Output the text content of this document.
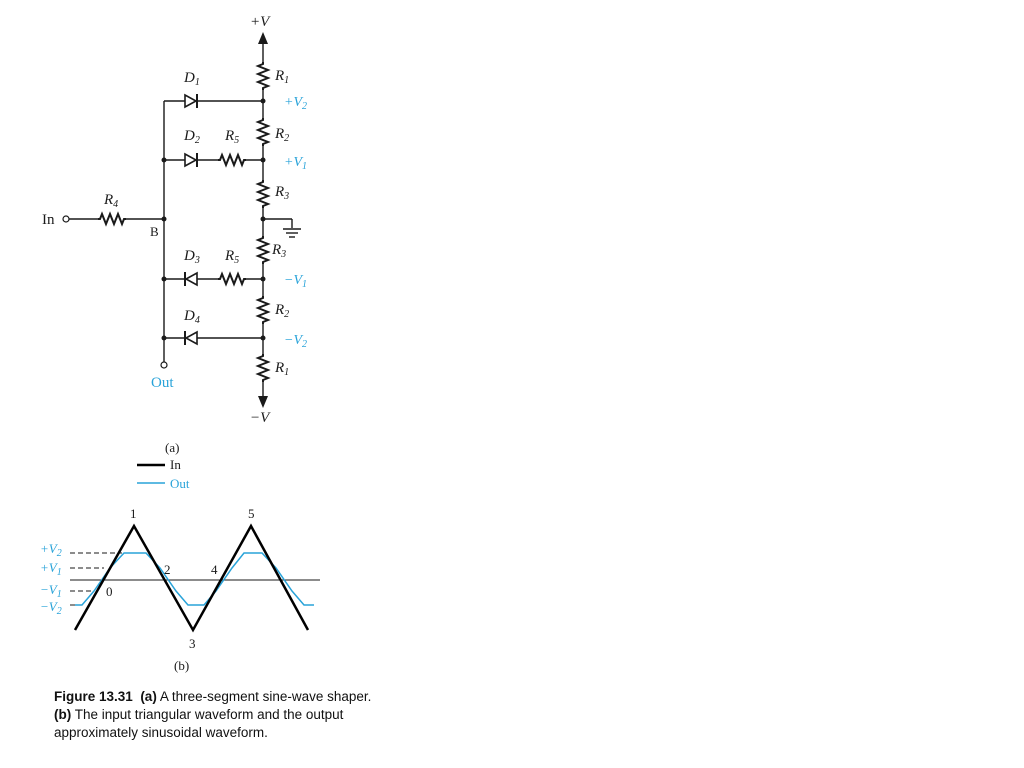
+V
−V
$R_1$
$R_2$
$R_3$
$R_3$
$R_2$
$R_1$
$+V_2$
$+V_1$
$-V_1$
$-V_2$
Out
In
$R_4$
B
$D_1$
$D_2$ $R_5$
$D_3$ $R_5$
$D_4$
(a)
In
Out
$+V_2$
$+V_1$
$-V_1$
$-V_2$
0
1
2
3
4
5
(b)
Figure 13.31 (a) A three-segment sine-wave shaper. (b) The input triangular waveform and the output approximately sinusoidal waveform.
